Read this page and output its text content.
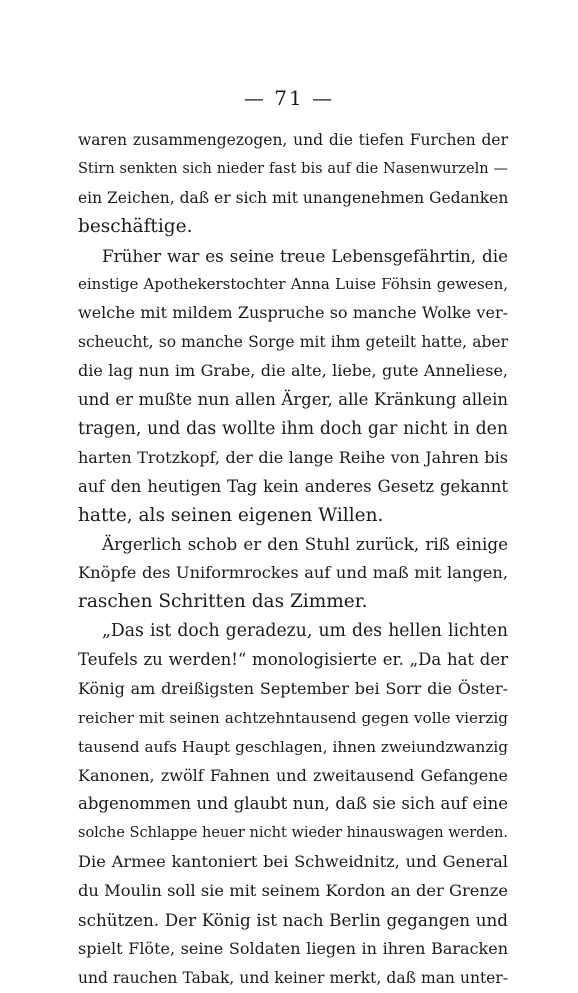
— 71 —
waren zusammengezogen, und die tiefen Furchen der
Stirn senkten sich nieder fast bis auf die Nasenwurzeln —
ein Zeichen, daß er sich mit unangenehmen Gedanken
beschäftige.
Früher war es seine treue Lebensgefährtin, die
einstige Apothekerstochter Anna Luise Föhsin gewesen,
welche mit mildem Zuspruche so manche Wolke ver-
scheucht, so manche Sorge mit ihm geteilt hatte, aber
die lag nun im Grabe, die alte, liebe, gute Anneliese,
und er mußte nun allen Ärger, alle Kränkung allein
tragen, und das wollte ihm doch gar nicht in den
harten Trotzkopf, der die lange Reihe von Jahren bis
auf den heutigen Tag kein anderes Gesetz gekannt
hatte, als seinen eigenen Willen.
Ärgerlich schob er den Stuhl zurück, riß einige
Knöpfe des Uniformrockes auf und maß mit langen,
raschen Schritten das Zimmer.
„Das ist doch geradezu, um des hellen lichten
Teufels zu werden!“ monologisierte er. „Da hat der
König am dreißigsten September bei Sorr die Öster-
reicher mit seinen achtzehntausend gegen volle vierzig
tausend aufs Haupt geschlagen, ihnen zweiundzwanzig
Kanonen, zwölf Fahnen und zweitausend Gefangene
abgenommen und glaubt nun, daß sie sich auf eine
solche Schlappe heuer nicht wieder hinauswagen werden.
Die Armee kantoniert bei Schweidnitz, und General
du Moulin soll sie mit seinem Kordon an der Grenze
schützen. Der König ist nach Berlin gegangen und
spielt Flöte, seine Soldaten liegen in ihren Baracken
und rauchen Tabak, und keiner merkt, daß man unter-
